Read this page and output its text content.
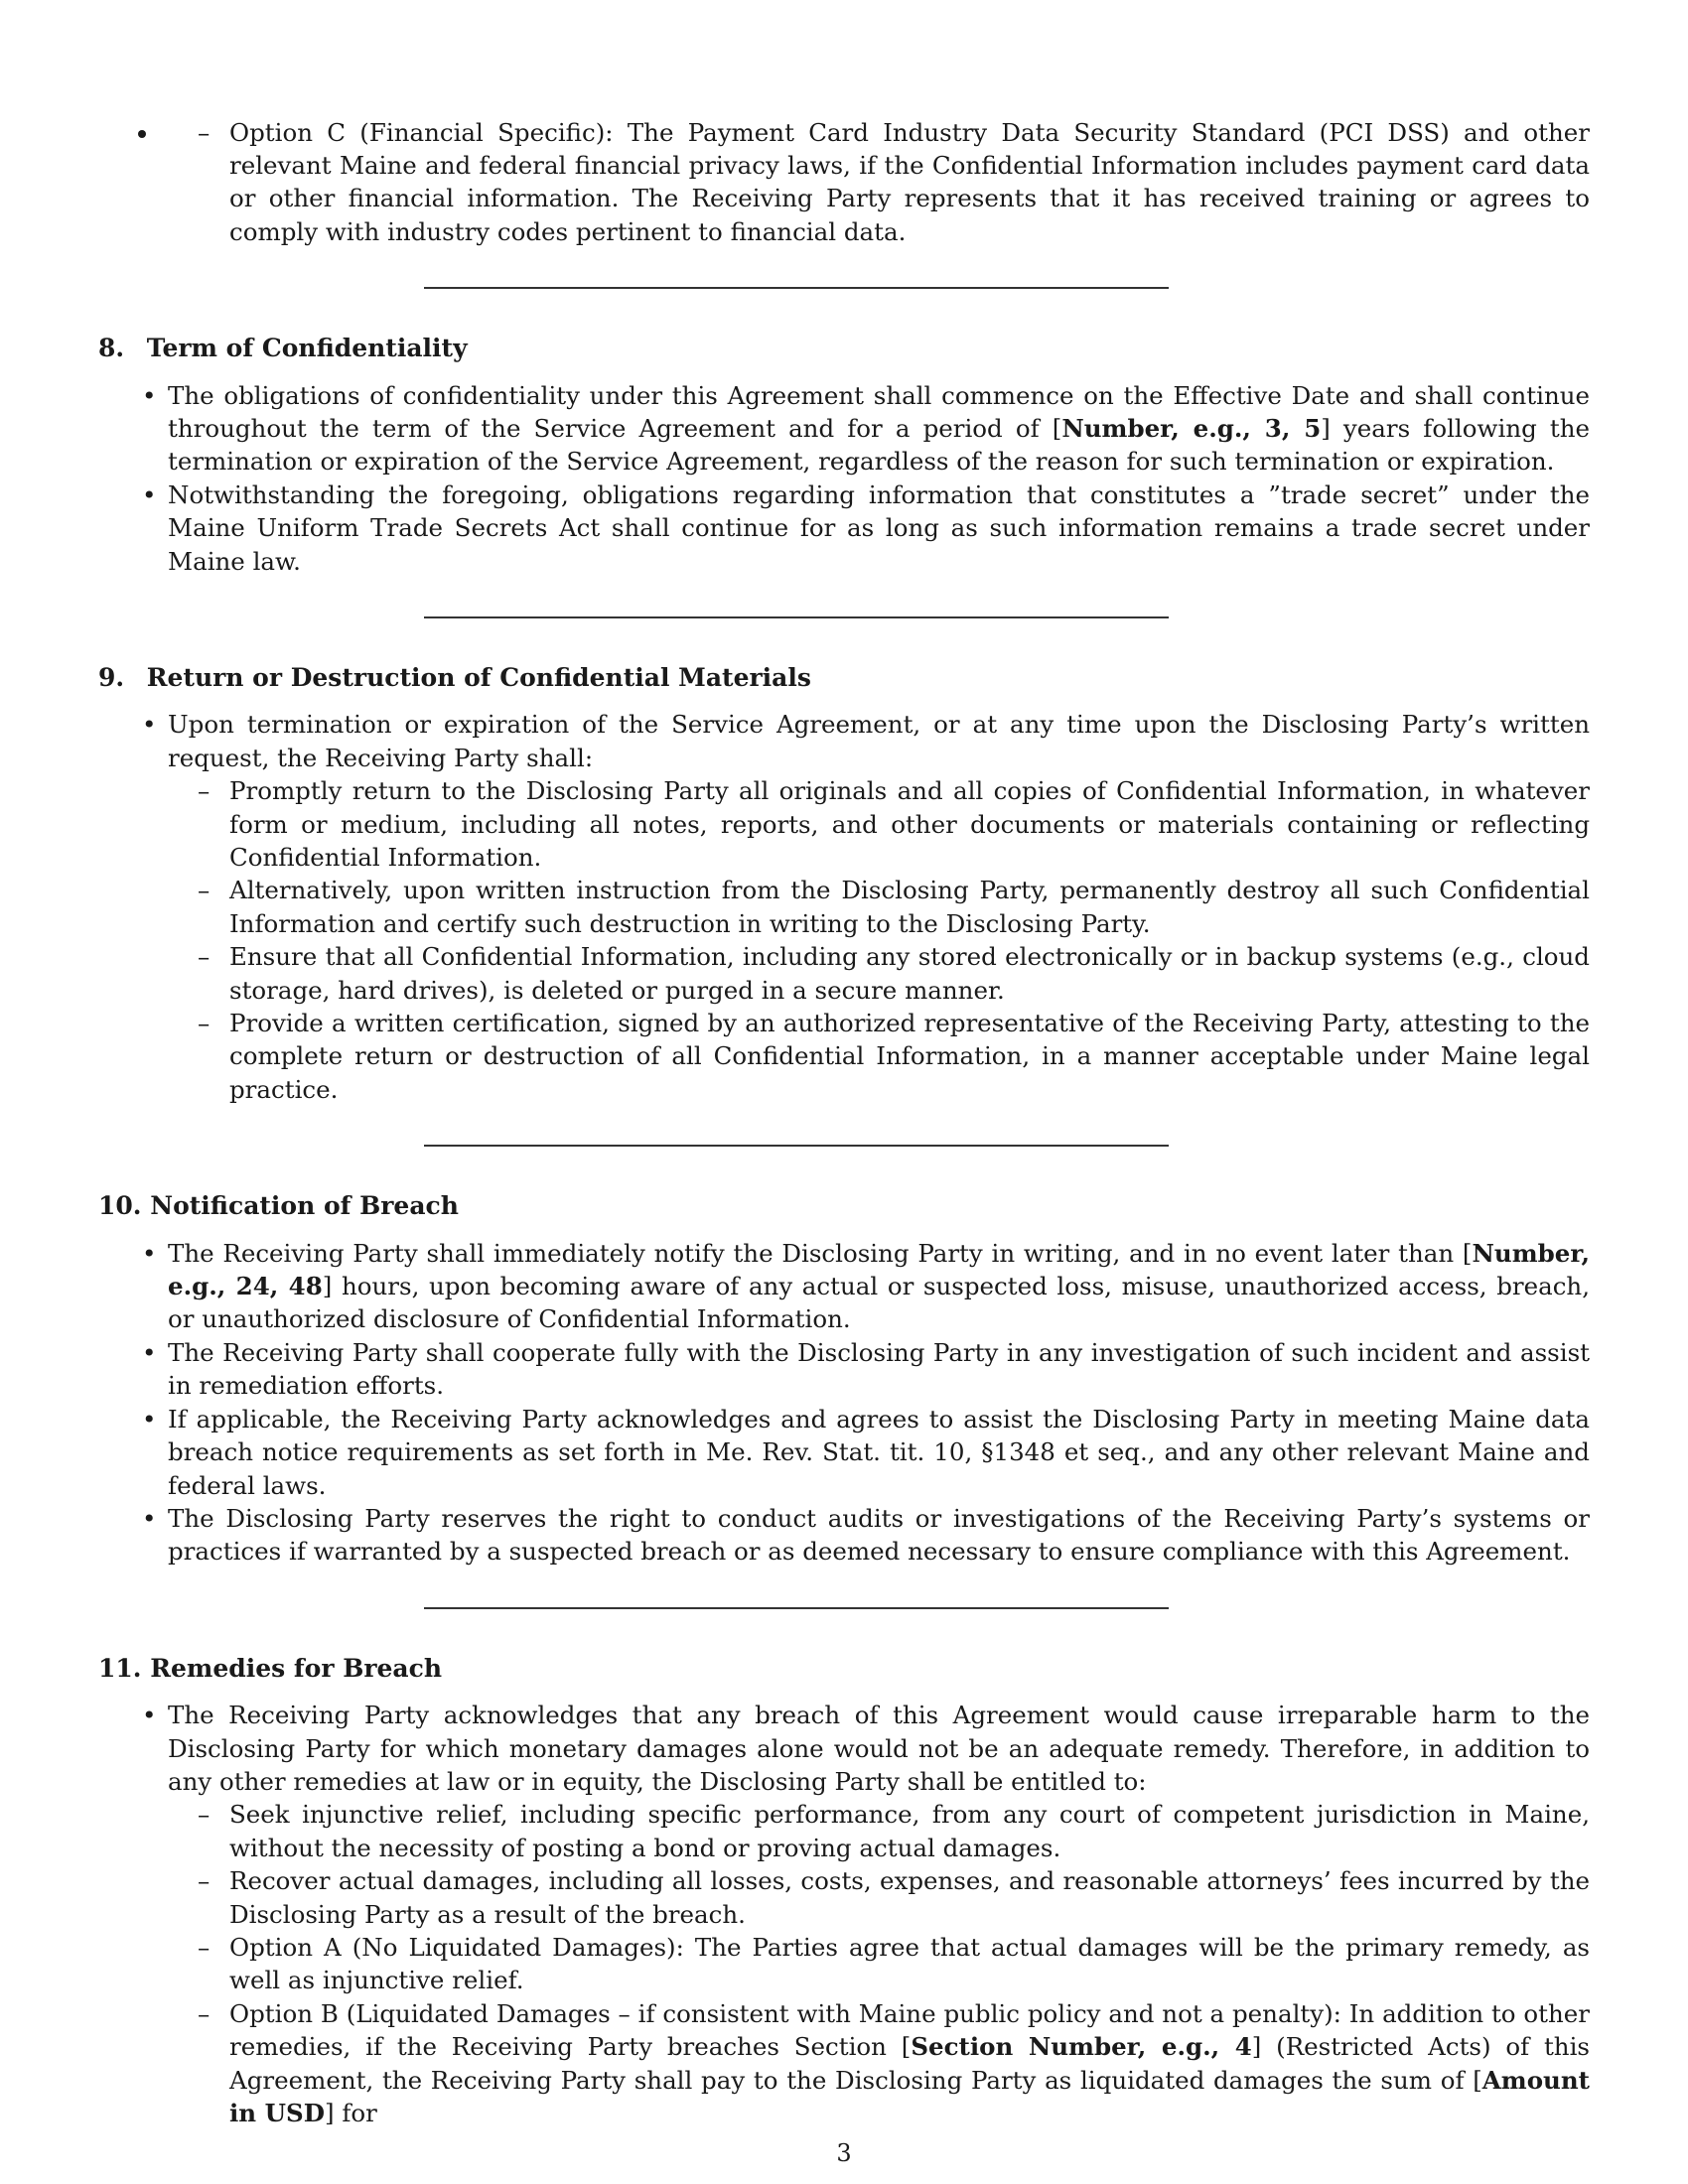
– • Option C (Financial Specific): The Payment Card Industry Data Security Standard (PCI DSS) and other relevant Maine and federal financial privacy laws, if the Confidential Information includes payment card data or other financial information. The Receiving Party represents that it has received training or agrees to comply with industry codes pertinent to financial data.
8. Term of Confidentiality
• The obligations of confidentiality under this Agreement shall commence on the Effective Date and shall continue throughout the term of the Service Agreement and for a period of [Number, e.g., 3, 5] years following the termination or expiration of the Service Agreement, regardless of the reason for such termination or expiration.
• Notwithstanding the foregoing, obligations regarding information that constitutes a ”trade secret” under the Maine Uniform Trade Secrets Act shall continue for as long as such information remains a trade secret under Maine law.
9. Return or Destruction of Confidential Materials
• Upon termination or expiration of the Service Agreement, or at any time upon the Disclosing Party’s written request, the Receiving Party shall:
– Promptly return to the Disclosing Party all originals and all copies of Confidential Information, in whatever form or medium, including all notes, reports, and other documents or materials containing or reflecting Confidential Information.
– Alternatively, upon written instruction from the Disclosing Party, permanently destroy all such Confidential Information and certify such destruction in writing to the Disclosing Party.
– Ensure that all Confidential Information, including any stored electronically or in backup systems (e.g., cloud storage, hard drives), is deleted or purged in a secure manner.
– Provide a written certification, signed by an authorized representative of the Receiving Party, attesting to the complete return or destruction of all Confidential Information, in a manner acceptable under Maine legal practice.
10. Notification of Breach
• The Receiving Party shall immediately notify the Disclosing Party in writing, and in no event later than [Number, e.g., 24, 48] hours, upon becoming aware of any actual or suspected loss, misuse, unauthorized access, breach, or unauthorized disclosure of Confidential Information.
• The Receiving Party shall cooperate fully with the Disclosing Party in any investigation of such incident and assist in remediation efforts.
• If applicable, the Receiving Party acknowledges and agrees to assist the Disclosing Party in meeting Maine data breach notice requirements as set forth in Me. Rev. Stat. tit. 10, §1348 et seq., and any other relevant Maine and federal laws.
• The Disclosing Party reserves the right to conduct audits or investigations of the Receiving Party’s systems or practices if warranted by a suspected breach or as deemed necessary to ensure compliance with this Agreement.
11. Remedies for Breach
• The Receiving Party acknowledges that any breach of this Agreement would cause irreparable harm to the Disclosing Party for which monetary damages alone would not be an adequate remedy. Therefore, in addition to any other remedies at law or in equity, the Disclosing Party shall be entitled to:
– Seek injunctive relief, including specific performance, from any court of competent jurisdiction in Maine, without the necessity of posting a bond or proving actual damages.
– Recover actual damages, including all losses, costs, expenses, and reasonable attorneys’ fees incurred by the Disclosing Party as a result of the breach.
– Option A (No Liquidated Damages): The Parties agree that actual damages will be the primary remedy, as well as injunctive relief.
– Option B (Liquidated Damages – if consistent with Maine public policy and not a penalty): In addition to other remedies, if the Receiving Party breaches Section [Section Number, e.g., 4] (Restricted Acts) of this Agreement, the Receiving Party shall pay to the Disclosing Party as liquidated damages the sum of [Amount in USD] for
3
